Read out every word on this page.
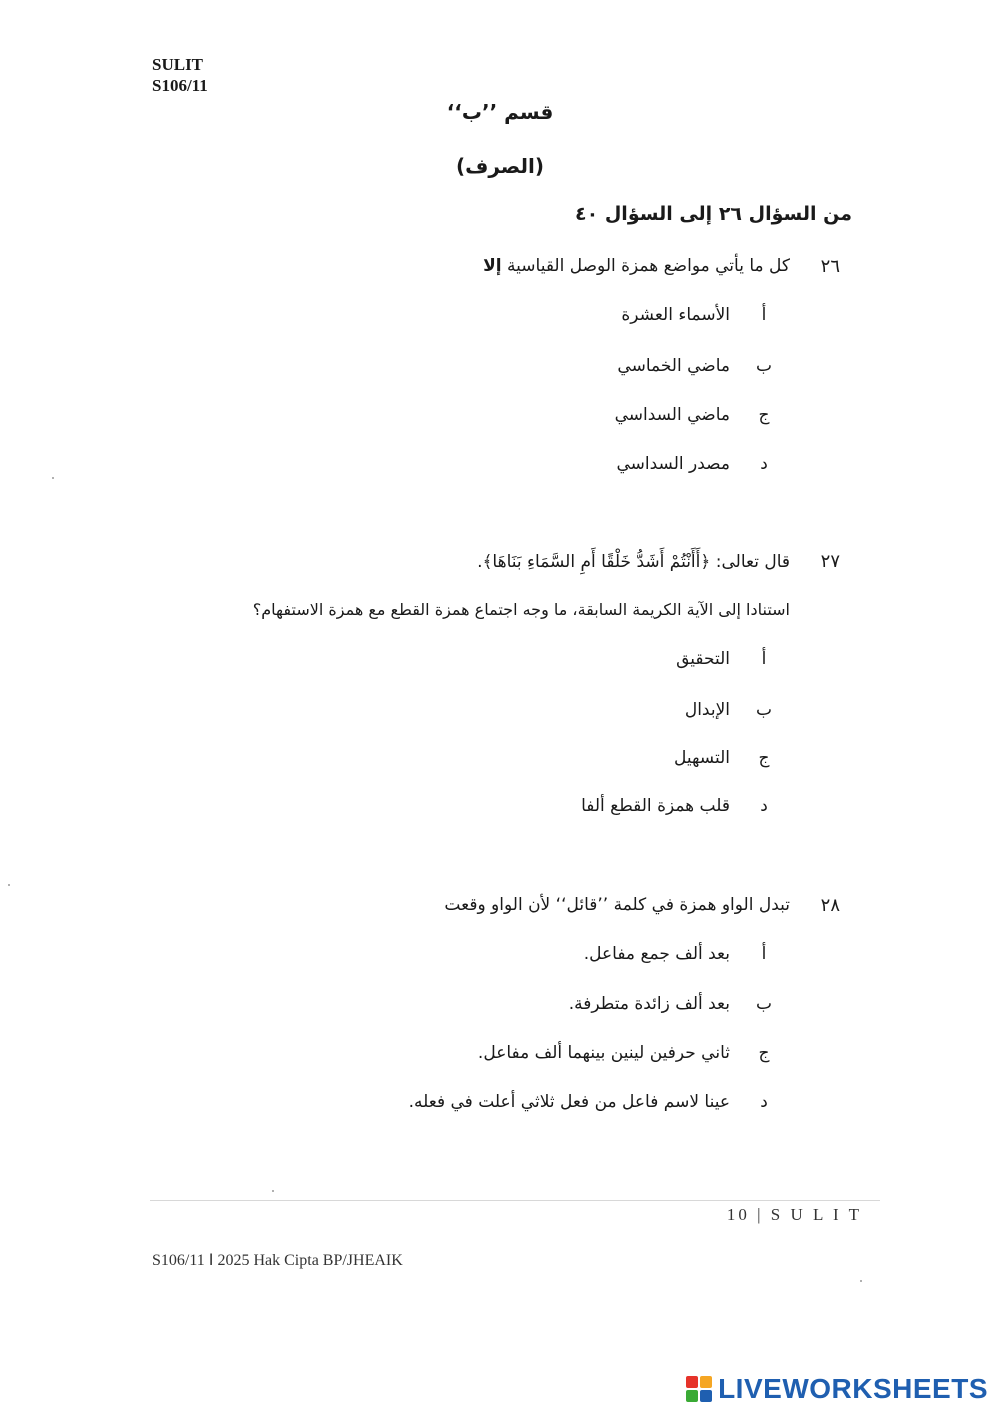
SULIT
S106/11
قسم ’’ب‘‘
(الصرف)
من السؤال ٢٦ إلى السؤال ٤٠
٢٦
كل ما يأتي مواضع همزة الوصل القياسية إلا
أ
الأسماء العشرة
ب
ماضي الخماسي
ج
ماضي السداسي
د
مصدر السداسي
٢٧
قال تعالى: ﴿أَأَنْتُمْ أَشَدُّ خَلْقًا أَمِ السَّمَاءِ بَنَاهَا﴾.
استنادا إلى الآية الكريمة السابقة، ما وجه اجتماع همزة القطع مع همزة الاستفهام؟
أ
التحقيق
ب
الإبدال
ج
التسهيل
د
قلب همزة القطع ألفا
٢٨
تبدل الواو همزة في كلمة ’’قائل‘‘ لأن الواو وقعت
أ
بعد ألف جمع مفاعل.
ب
بعد ألف زائدة متطرفة.
ج
ثاني حرفين لينين بينهما ألف مفاعل.
د
عينا لاسم فاعل من فعل ثلاثي أعلت في فعله.
10 | S U L I T
S106/11 Ⅰ 2025 Hak Cipta BP/JHEAIK
LIVEWORKSHEETS
